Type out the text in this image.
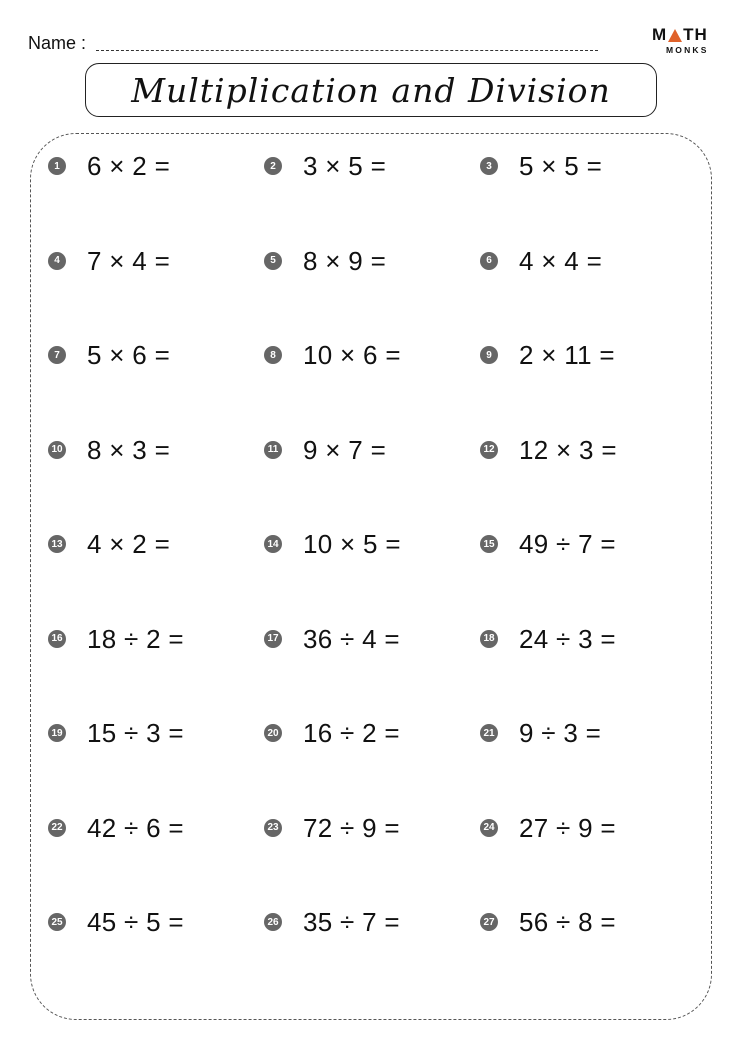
Name :	M TH
MONKS
Multiplication and Division
1 6 × 2 =	2 3 × 5 =	3 5 × 5 =
4 7 × 4 =	5 8 × 9 =	6 4 × 4 =
7 5 × 6 =	8 10 × 6 =	9 2 × 11 =
10 8 × 3 =	11 9 × 7 =	12 12 × 3 =
13 4 × 2 =	14 10 × 5 =	15 49 ÷ 7 =
16 18 ÷ 2 =	17 36 ÷ 4 =	18 24 ÷ 3 =
19 15 ÷ 3 =	20 16 ÷ 2 =	21 9 ÷ 3 =
22 42 ÷ 6 =	23 72 ÷ 9 =	24 27 ÷ 9 =
25 45 ÷ 5 =	26 35 ÷ 7 =	27 56 ÷ 8 =
